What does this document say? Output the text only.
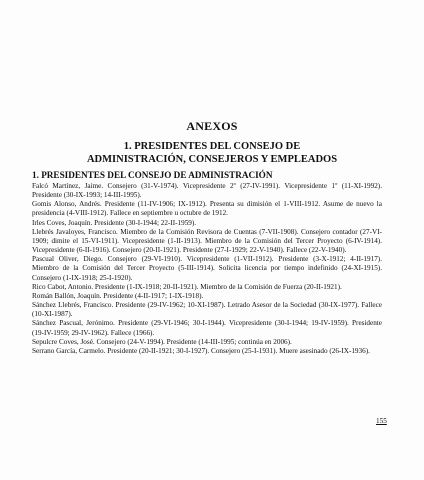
ANEXOS
1. PRESIDENTES DEL CONSEJO DE
ADMINISTRACIÓN, CONSEJEROS Y EMPLEADOS
1. PRESIDENTES DEL CONSEJO DE ADMINISTRACIÓN

Falcó Martínez, Jaime. Consejero (31-V-1974). Vicepresidente 2º (27-IV-1991). Vicepresidente 1º (11-XI-1992). Presidente (30-IX-1993; 14-III-1995).

Gomis Alonso, Andrés. Presidente (11-IV-1906; IX-1912). Presenta su dimisión el 1-VIII-1912. Asume de nuevo la presidencia (4-VIII-1912). Fallece en septiembre u octubre de 1912.

Irles Coves, Joaquín. Presidente (30-I-1944; 22-II-1959).

Llebrés Javaloyes, Francisco. Miembro de la Comisión Revisora de Cuentas (7-VII-1908). Consejero contador (27-VI-1909; dimite el 15-VI-1911). Vicepresidente (1-II-1913). Miembro de la Comisión del Tercer Proyecto (6-IV-1914). Vicepresidente (6-II-1916). Consejero (20-II-1921). Presidente (27-I-1929; 22-V-1940). Fallece (22-V-1940).

Pascual Oliver, Diego. Consejero (29-VI-1910). Vicepresidente (1-VII-1912). Presidente (3-X-1912; 4-II-1917). Miembro de la Comisión del Tercer Proyecto (5-III-1914). Solicita licencia por tiempo indefinido (24-XI-1915). Consejero (1-IX-1918; 25-I-1920).

Rico Cabot, Antonio. Presidente (1-IX-1918; 20-II-1921). Miembro de la Comisión de Fuerza (20-II-1921).

Román Ballón, Joaquín. Presidente (4-II-1917; 1-IX-1918).

Sánchez Llebrés, Francisco. Presidente (29-IV-1962; 10-XI-1987). Letrado Asesor de la Sociedad (30-IX-1977). Fallece (10-XI-1987).

Sánchez Pascual, Jerónimo. Presidente (29-VI-1946; 30-I-1944). Vicepresidente (30-I-1944; 19-IV-1959). Presidente (19-IV-1959; 29-IV-1962). Fallece (1966).

Sepulcre Coves, José. Consejero (24-V-1994). Presidente (14-III-1995; continúa en 2006).

Serrano García, Carmelo. Presidente (20-II-1921; 30-I-1927). Consejero (25-I-1931). Muere asesinado (26-IX-1936).

155
